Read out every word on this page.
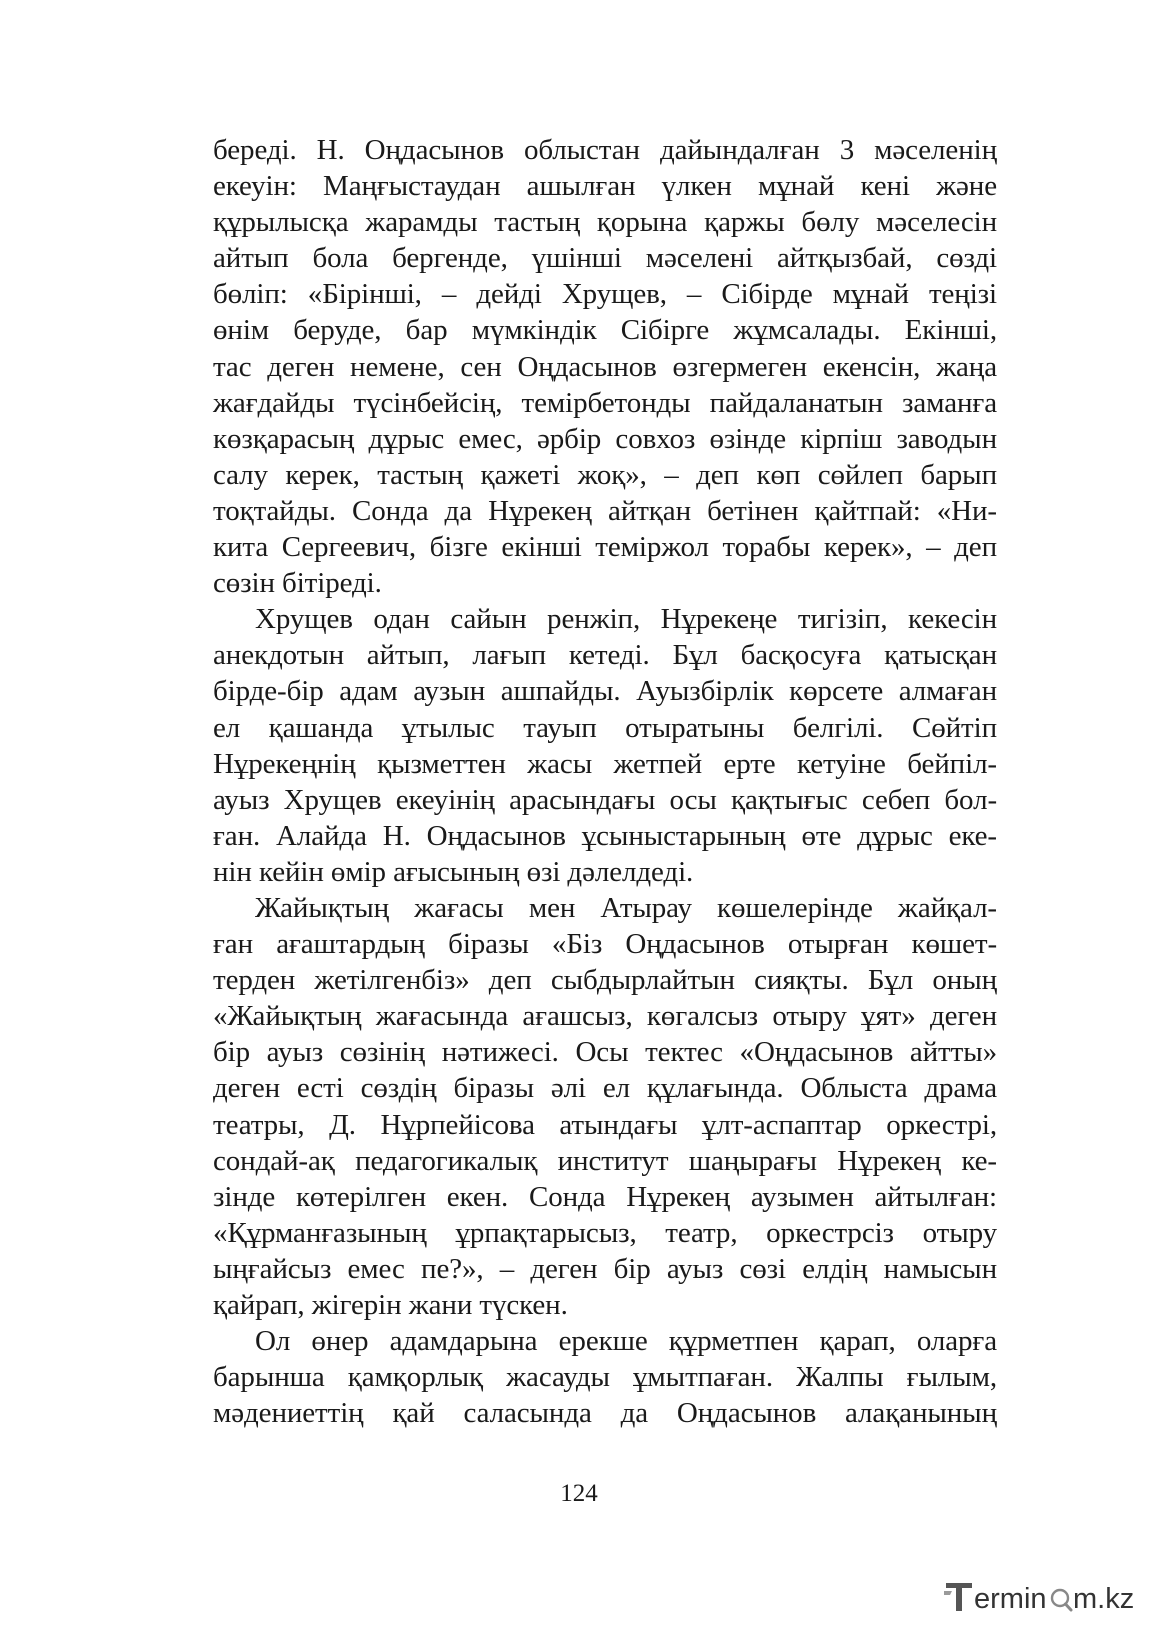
береді. Н. Оңдасынов облыстан дайындалған 3 мәселенің
екеуін: Маңғыстаудан ашылған үлкен мұнай кені және
құрылысқа жарамды тастың қорына қаржы бөлу мәселесін
айтып бола бергенде, үшінші мәселені айтқызбай, сөзді
бөліп: «Бірінші, – дейді Хрущев, – Сібірде мұнай теңізі
өнім беруде, бар мүмкіндік Сібірге жұмсалады. Екінші,
тас деген немене, сен Оңдасынов өзгермеген екенсін, жаңа
жағдайды түсінбейсің, темірбетонды пайдаланатын заманға
көзқарасың дұрыс емес, әрбір совхоз өзінде кірпіш заводын
салу керек, тастың қажеті жоқ», – деп көп сөйлеп барып
тоқтайды. Сонда да Нұрекең айтқан бетінен қайтпай: «Ни-
кита Сергеевич, бізге екінші теміржол торабы керек», – деп
сөзін бітіреді.
Хрущев одан сайын ренжіп, Нұрекеңе тигізіп, кекесін
анекдотын айтып, лағып кетеді. Бұл басқосуға қатысқан
бірде-бір адам аузын ашпайды. Ауызбірлік көрсете алмаған
ел қашанда ұтылыс тауып отыратыны белгілі. Сөйтіп
Нұрекеңнің қызметтен жасы жетпей ерте кетуіне бейпіл-
ауыз Хрущев екеуінің арасындағы осы қақтығыс себеп бол-
ған. Алайда Н. Оңдасынов ұсыныстарының өте дұрыс еке-
нін кейін өмір ағысының өзі дәлелдеді.
Жайықтың жағасы мен Атырау көшелерінде жайқал-
ған ағаштардың біразы «Біз Оңдасынов отырған көшет-
терден жетілгенбіз» деп сыбдырлайтын сияқты. Бұл оның
«Жайықтың жағасында ағашсыз, көгалсыз отыру ұят» деген
бір ауыз сөзінің нәтижесі. Осы тектес «Оңдасынов айтты»
деген есті сөздің біразы әлі ел құлағында. Облыста драма
театры, Д. Нұрпейісова атындағы ұлт-аспаптар оркестрі,
сондай-ақ педагогикалық институт шаңырағы Нұрекең ке-
зінде көтерілген екен. Сонда Нұрекең аузымен айтылған:
«Құрманғазының ұрпақтарысыз, театр, оркестрсіз отыру
ыңғайсыз емес пе?», – деген бір ауыз сөзі елдің намысын
қайрап, жігерін жани түскен.
Ол өнер адамдарына ерекше құрметпен қарап, оларға
барынша қамқорлық жасауды ұмытпаған. Жалпы ғылым,
мәдениеттің қай саласында да Оңдасынов алақанының
124
ermin m.kz
